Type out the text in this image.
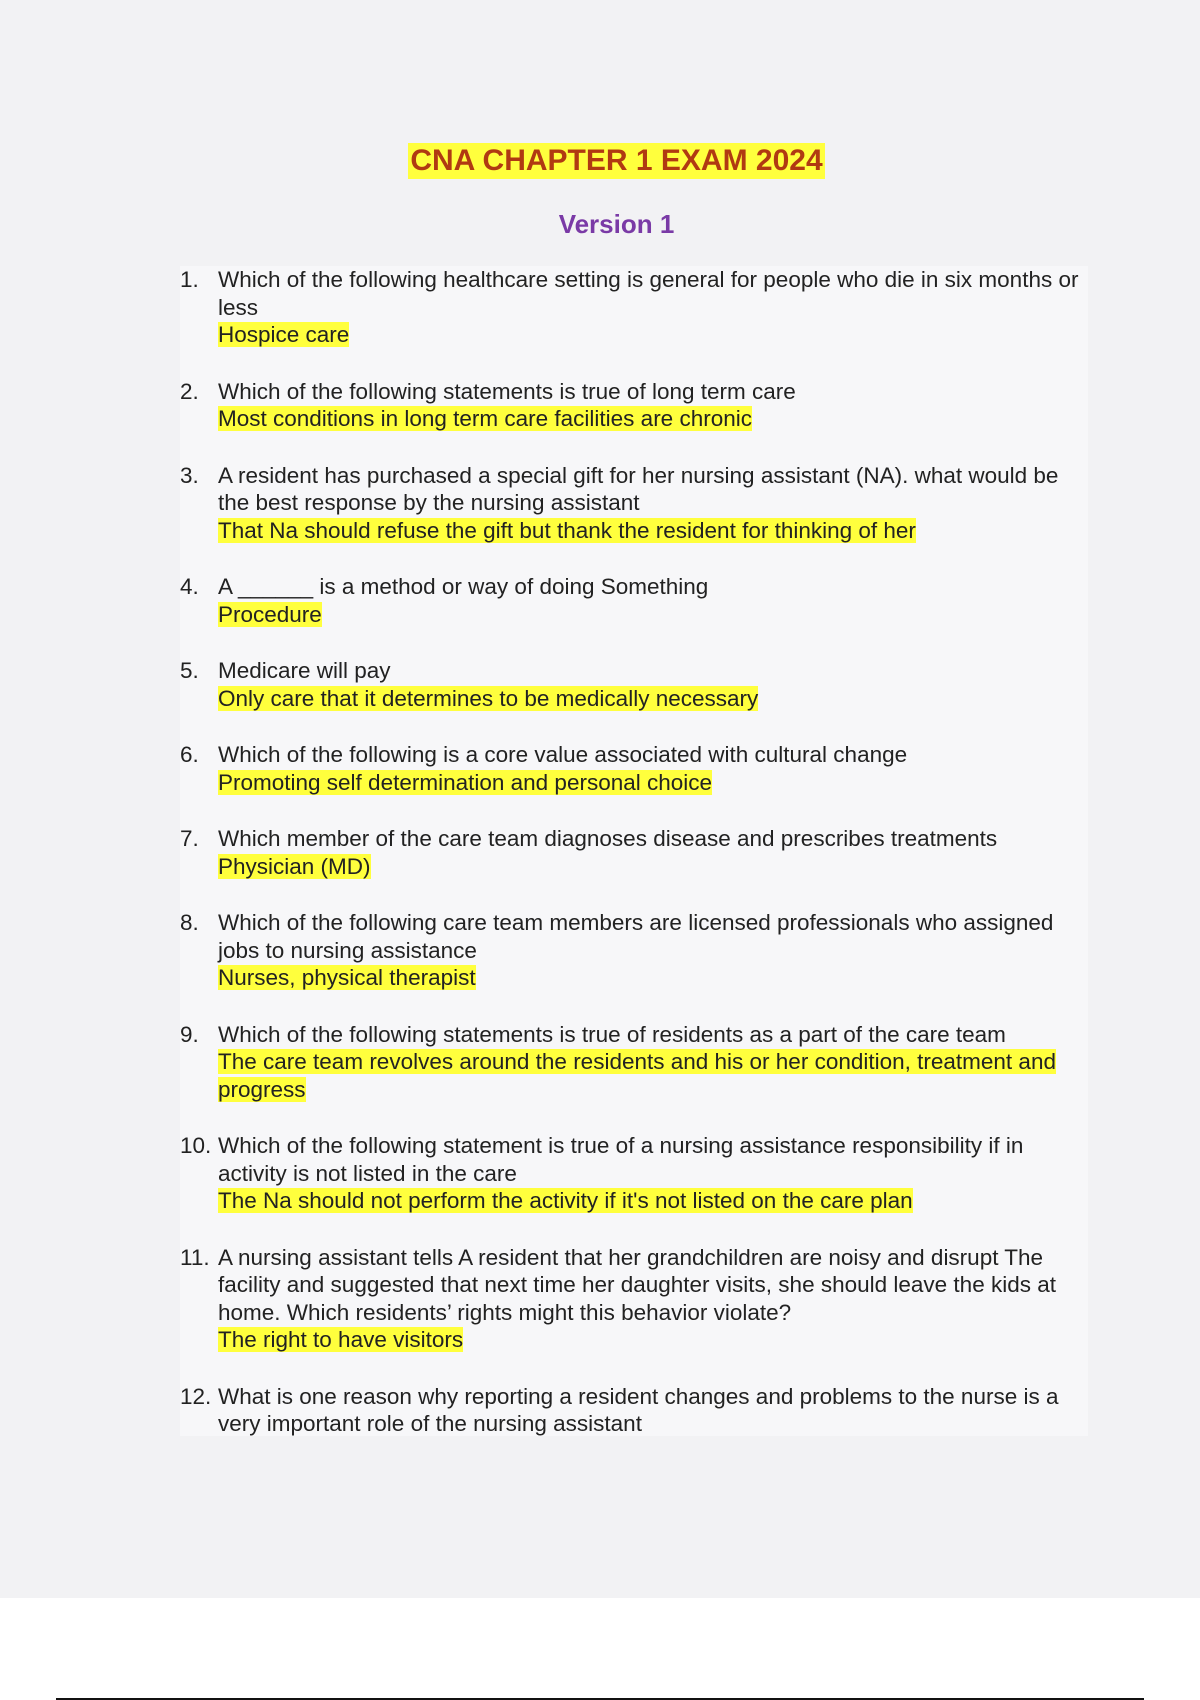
CNA CHAPTER 1 EXAM 2024
Version 1
1. Which of the following healthcare setting is general for people who die in six months or less
Hospice care
2. Which of the following statements is true of long term care
Most conditions in long term care facilities are chronic
3. A resident has purchased a special gift for her nursing assistant (NA). what would be the best response by the nursing assistant
That Na should refuse the gift but thank the resident for thinking of her
4. A ______ is a method or way of doing Something
Procedure
5. Medicare will pay
Only care that it determines to be medically necessary
6. Which of the following is a core value associated with cultural change
Promoting self determination and personal choice
7. Which member of the care team diagnoses disease and prescribes treatments
Physician (MD)
8. Which of the following care team members are licensed professionals who assigned jobs to nursing assistance
Nurses, physical therapist
9. Which of the following statements is true of residents as a part of the care team
The care team revolves around the residents and his or her condition, treatment and progress
10. Which of the following statement is true of a nursing assistance responsibility if in activity is not listed in the care
The Na should not perform the activity if it's not listed on the care plan
11. A nursing assistant tells A resident that her grandchildren are noisy and disrupt The facility and suggested that next time her daughter visits, she should leave the kids at home. Which residents’ rights might this behavior violate?
The right to have visitors
12. What is one reason why reporting a resident changes and problems to the nurse is a very important role of the nursing assistant
